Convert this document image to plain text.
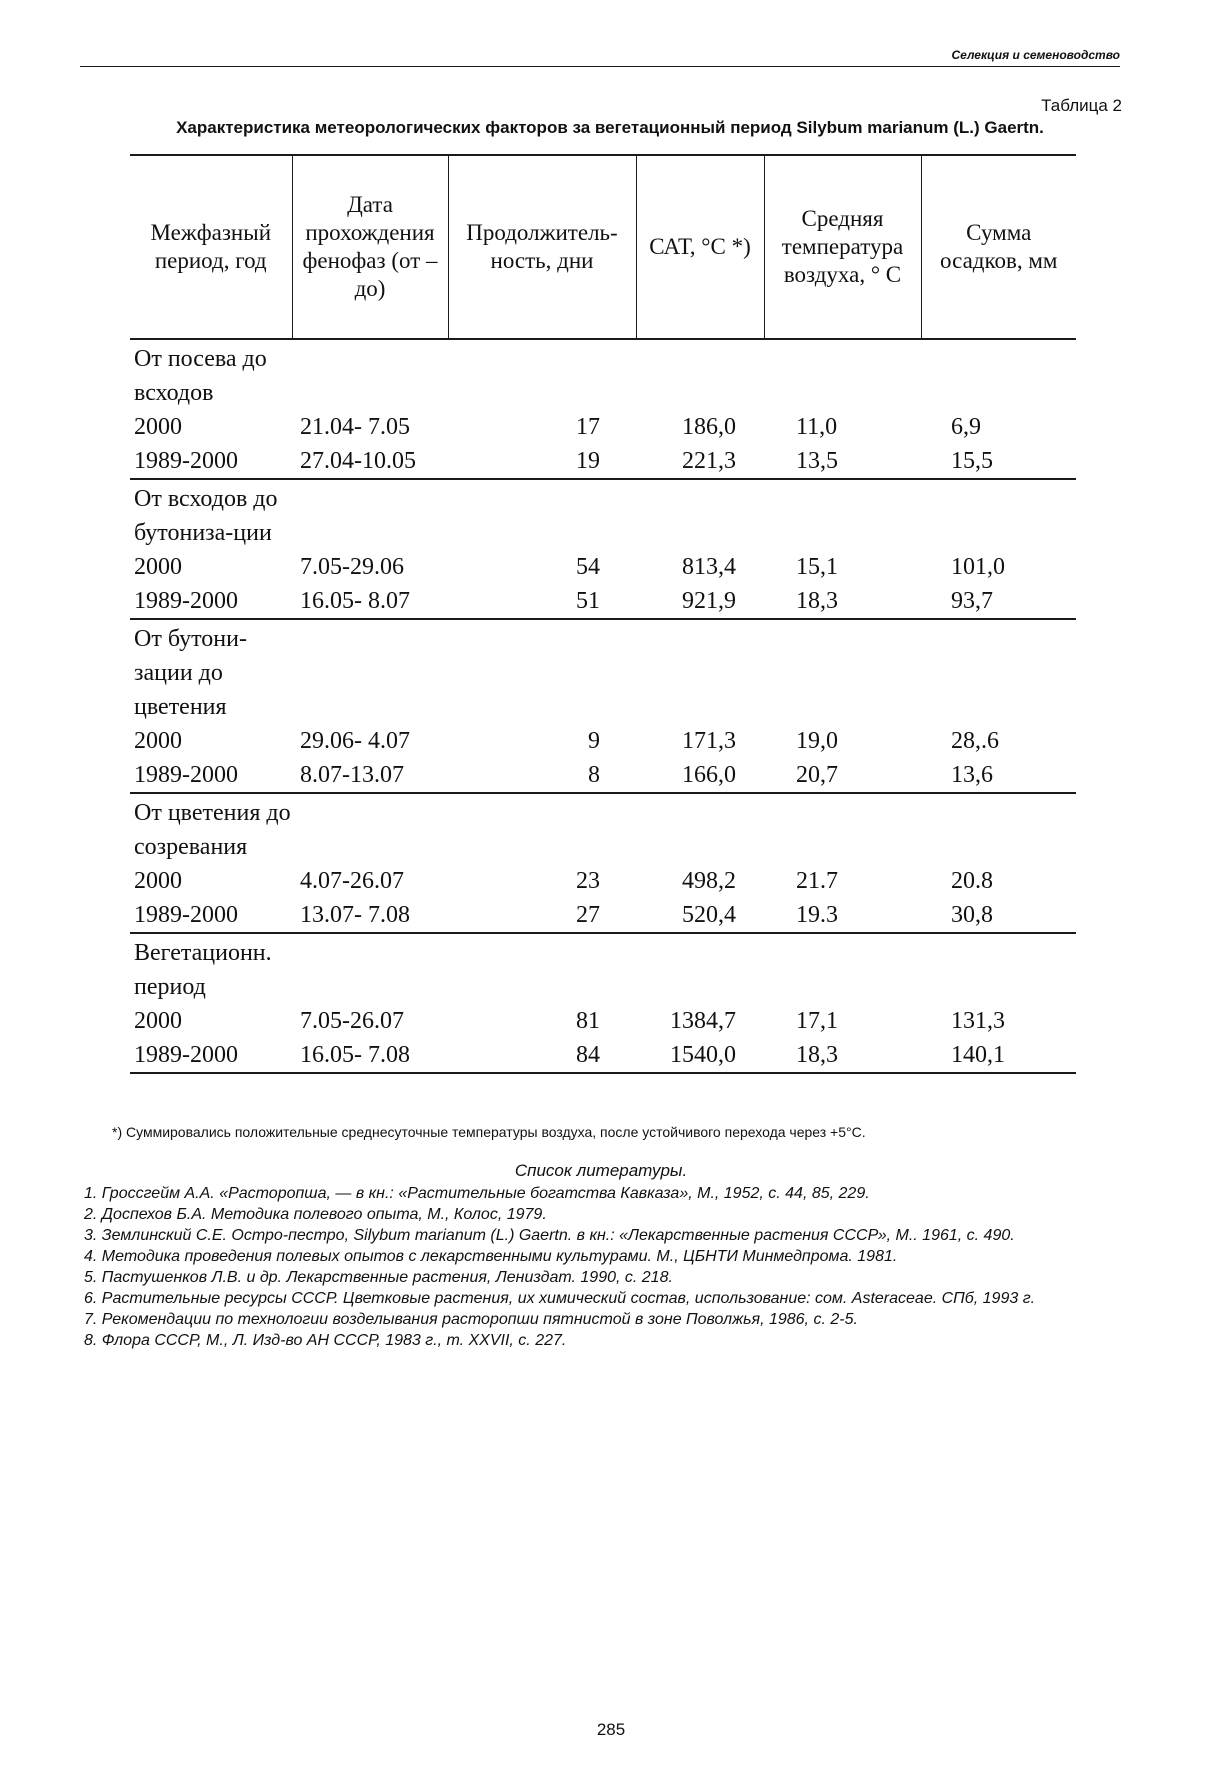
Селекция и семеноводство
Таблица 2
Характеристика метеорологических факторов за вегетационный период Silybum marianum (L.) Gaertn.
Межфазный период, год	Дата прохождения фенофаз (от – до)	Продолжитель-ность, дни	САТ, °С *)	Средняя температура воздуха, ° С	Сумма осадков, мм
От посева до всходов					
2000	21.04- 7.05	17	186,0	11,0	6,9
1989-2000	27.04-10.05	19	221,3	13,5	15,5
От всходов до бутониза-ции					
2000	7.05-29.06	54	813,4	15,1	101,0
1989-2000	16.05- 8.07	51	921,9	18,3	93,7
От бутони-зации до цветения					
2000	29.06- 4.07	9	171,3	19,0	28,.6
1989-2000	8.07-13.07	8	166,0	20,7	13,6
От цветения до созревания					
2000	4.07-26.07	23	498,2	21.7	20.8
1989-2000	13.07- 7.08	27	520,4	19.3	30,8
Вегетационн. период					
2000	7.05-26.07	81	1384,7	17,1	131,3
1989-2000	16.05- 7.08	84	1540,0	18,3	140,1
*) Суммировались положительные среднесуточные температуры воздуха, после устойчивого перехода через +5°С.
Список литературы.

1. Гроссгейм А.А. «Расторопша, — в кн.: «Растительные богатства Кавказа», М., 1952, с. 44, 85, 229.

2. Доспехов Б.А. Методика полевого опыта, М., Колос, 1979.

3. Землинский С.Е. Остро-пестро, Silybum marianum (L.) Gaertn. в кн.: «Лекарственные растения СССР», М.. 1961, с. 490.

4. Методика проведения полевых опытов с лекарственными культурами. М., ЦБНТИ Минмедпрома. 1981.

5. Пастушенков Л.В. и др. Лекарственные растения, Лениздат. 1990, с. 218.

6. Растительные ресурсы СССР. Цветковые растения, их химический состав, использование: сом. Asteraceae. СПб, 1993 г.

7. Рекомендации по технологии возделывания расторопши пятнистой в зоне Поволжья, 1986, с. 2-5.

8. Флора СССР, М., Л. Изд-во АН СССР, 1983 г., т. XXVII, с. 227.

285
